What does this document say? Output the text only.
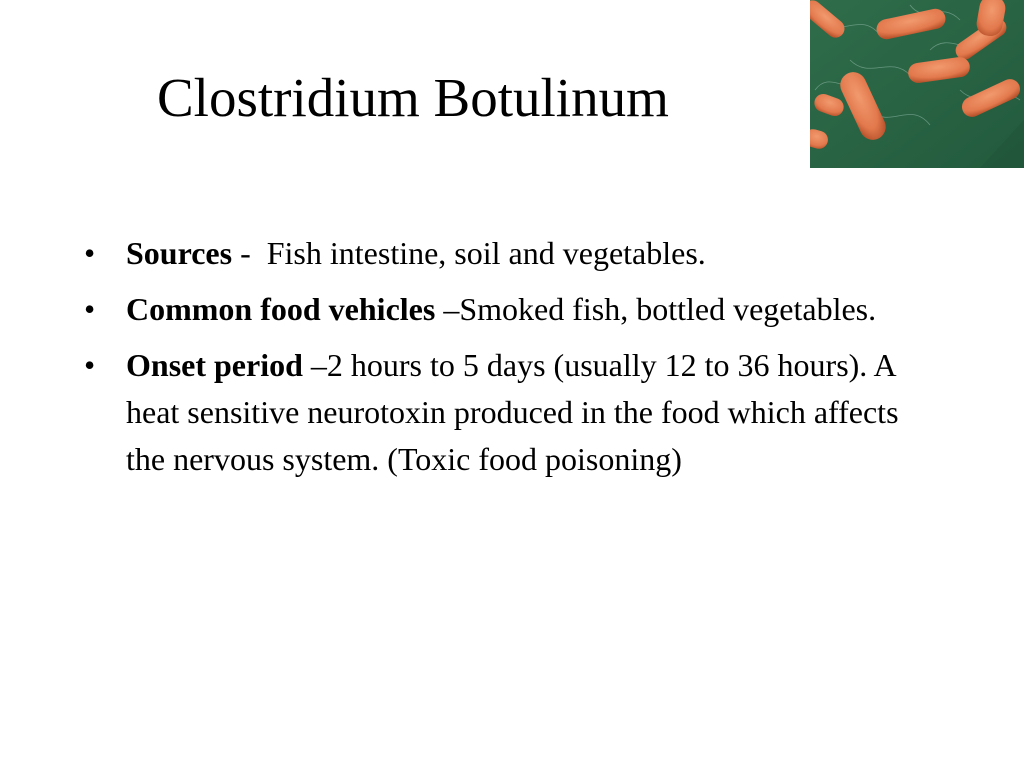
Clostridium Botulinum
• Sources -  Fish intestine, soil and vegetables.
• Common food vehicles –Smoked fish, bottled vegetables.
• Onset period –2 hours to 5 days (usually 12 to 36 hours). A heat sensitive neurotoxin produced in the food which affects the nervous system. (Toxic food poisoning)
